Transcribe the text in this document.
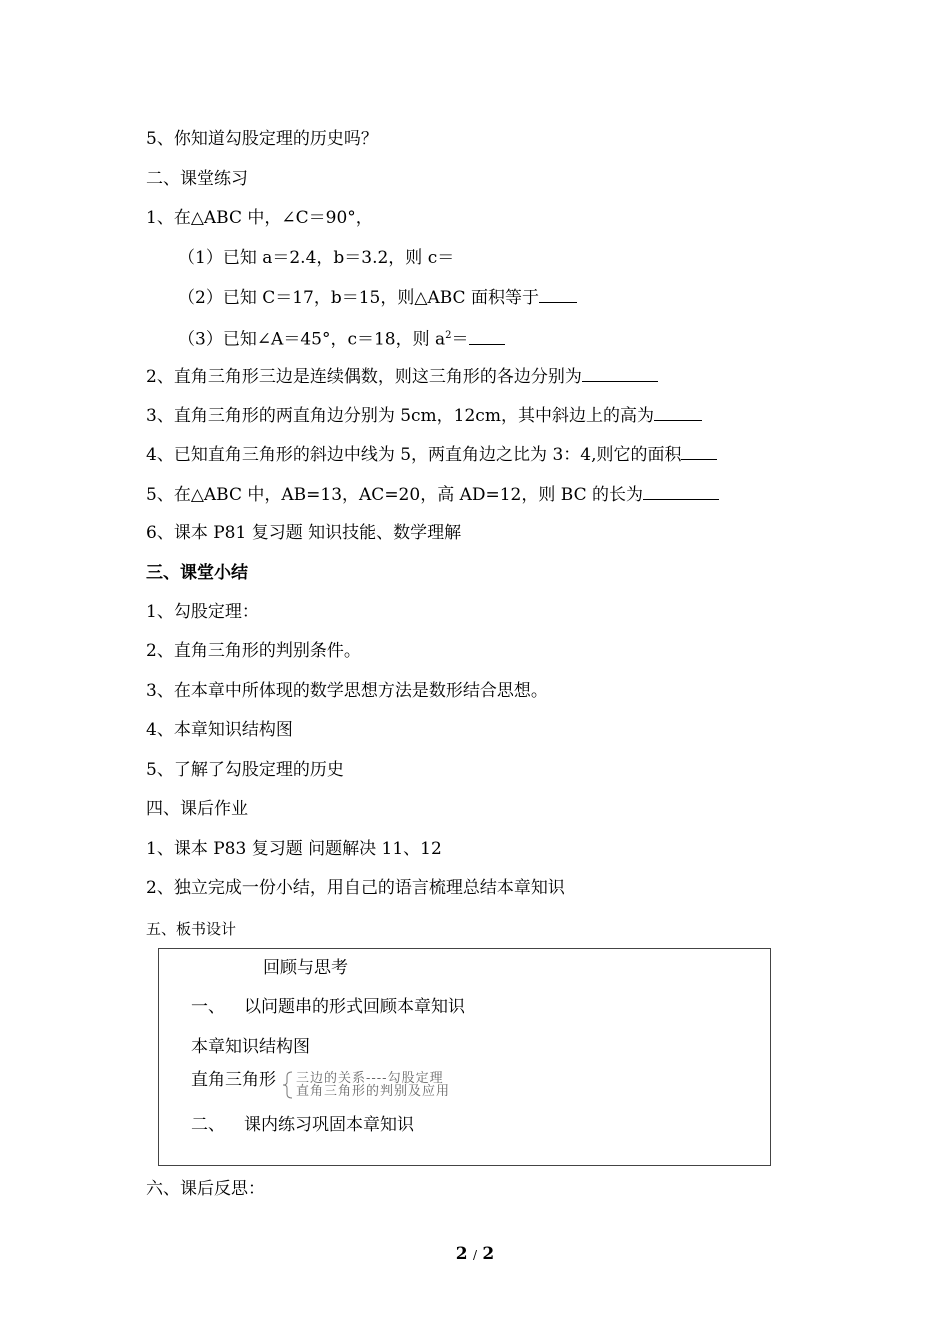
5、你知道勾股定理的历史吗？
二、课堂练习
1、在△ABC 中，∠C＝90°，
（1）已知 a＝2.4，b＝3.2，则 c＝
（2）已知 C＝17，b＝15，则△ABC 面积等于
（3）已知∠A＝45°，c＝18，则 $a^2=$
2、直角三角形三边是连续偶数，则这三角形的各边分别为
3、直角三角形的两直角边分别为 5cm，12cm，其中斜边上的高为
4、已知直角三角形的斜边中线为 5，两直角边之比为 3：4,则它的面积
5、在△ABC 中，AB=13，AC=20，高 AD=12，则 BC 的长为
6、课本 P81 复习题 知识技能、数学理解
三、课堂小结
1、勾股定理：
2、直角三角形的判别条件。
3、在本章中所体现的数学思想方法是数形结合思想。
4、本章知识结构图
5、了解了勾股定理的历史
四、课后作业
1、课本 P83 复习题 问题解决 11、12
2、独立完成一份小结，用自己的语言梳理总结本章知识
五、板书设计
回顾与思考
一、 以问题串的形式回顾本章知识
本章知识结构图
直角三角形 三边的关系----勾股定理
直角三角形的判别及应用
二、 课内练习巩固本章知识
六、课后反思：
2 / 2
